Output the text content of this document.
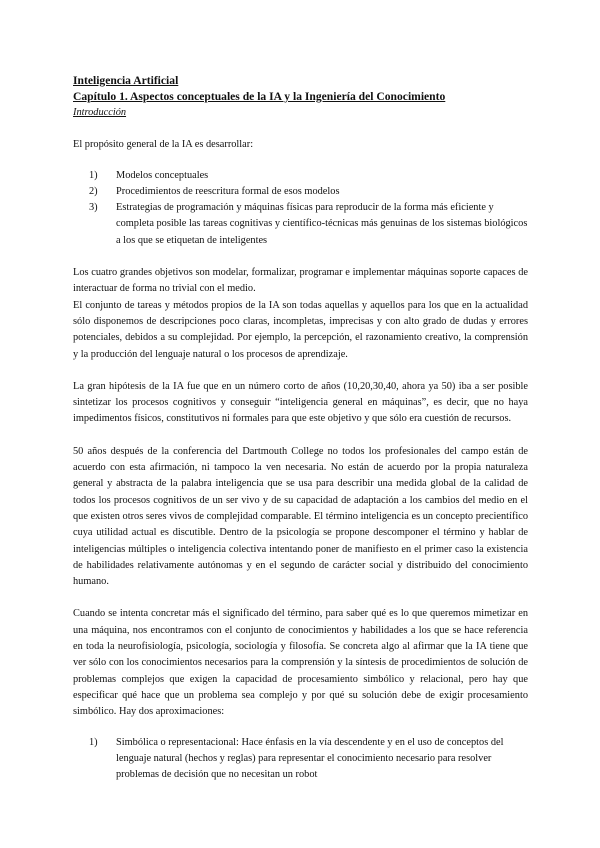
Inteligencia Artificial

Capítulo 1. Aspectos conceptuales de la IA y la Ingeniería del Conocimiento

Introducción

El propósito general de la IA es desarrollar:

1)	Modelos conceptuales
2)	Procedimientos de reescritura formal de esos modelos
3)	Estrategias de programación y máquinas físicas para reproducir de la forma más eficiente y completa posible las tareas cognitivas y científico-técnicas más genuinas de los sistemas biológicos a los que se etiquetan de inteligentes

Los cuatro grandes objetivos son modelar, formalizar, programar e implementar máquinas soporte capaces de interactuar de forma no trivial con el medio.

El conjunto de tareas y métodos propios de la IA son todas aquellas y aquellos para los que en la actualidad sólo disponemos de descripciones poco claras, incompletas, imprecisas y con alto grado de dudas y errores potenciales, debidos a su complejidad. Por ejemplo, la percepción, el razonamiento creativo, la comprensión y la producción del lenguaje natural o los procesos de aprendizaje.

La gran hipótesis de la IA fue que en un número corto de años (10,20,30,40, ahora ya 50) iba a ser posible sintetizar los procesos cognitivos y conseguir “inteligencia general en máquinas”, es decir, que no haya impedimentos físicos, constitutivos ni formales para que este objetivo y que sólo era cuestión de recursos.

50 años después de la conferencia del Dartmouth College no todos los profesionales del campo están de acuerdo con esta afirmación, ni tampoco la ven necesaria. No están de acuerdo por la propia naturaleza general y abstracta de la palabra inteligencia que se usa para describir una medida global de la calidad de todos los procesos cognitivos de un ser vivo y de su capacidad de adaptación a los cambios del medio en el que existen otros seres vivos de complejidad comparable. El término inteligencia es un concepto precientífico cuya utilidad actual es discutible. Dentro de la psicología se propone descomponer el término y hablar de inteligencias múltiples o inteligencia colectiva intentando poner de manifiesto en el primer caso la existencia de habilidades relativamente autónomas y en el segundo de carácter social y distribuido del conocimiento humano.

Cuando se intenta concretar más el significado del término, para saber qué es lo que queremos mimetizar en una máquina, nos encontramos con el conjunto de conocimientos y habilidades a los que se hace referencia en toda la neurofisiología, psicología, sociología y filosofía. Se concreta algo al afirmar que la IA tiene que ver sólo con los conocimientos necesarios para la comprensión y la síntesis de procedimientos de solución de problemas complejos que exigen la capacidad de procesamiento simbólico y relacional, pero hay que especificar qué hace que un problema sea complejo y por qué su solución debe de exigir procesamiento simbólico. Hay dos aproximaciones:

1)	Simbólica o representacional: Hace énfasis en la vía descendente y en el uso de conceptos del lenguaje natural (hechos y reglas) para representar el conocimiento necesario para resolver problemas de decisión que no necesitan un robot
